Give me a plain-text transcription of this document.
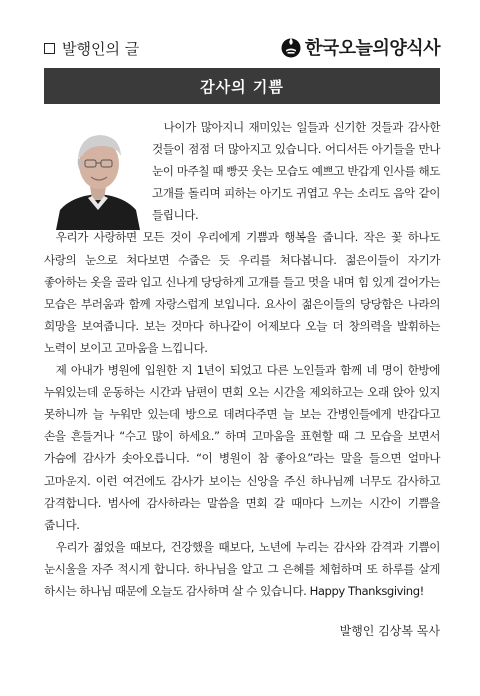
발행인의 글	한국오늘의양식사
감사의 기쁨

나이가 많아지니 재미있는 일들과 신기한 것들과 감사한 것들이 점점 더 많아지고 있습니다. 어디서든 아기들을 만나 눈이 마주칠 때 빵끗 웃는 모습도 예쁘고 반갑게 인사를 해도 고개를 돌리며 피하는 아기도 귀엽고 우는 소리도 음악 같이 들립니다.

우리가 사랑하면 모든 것이 우리에게 기쁨과 행복을 줍니다. 작은 꽃 하나도 사랑의 눈으로 쳐다보면 수줍은 듯 우리를 쳐다봅니다. 젊은이들이 자기가 좋아하는 옷을 골라 입고 신나게 당당하게 고개를 들고 멋을 내며 힘 있게 걸어가는 모습은 부러움과 함께 자랑스럽게 보입니다. 요사이 젊은이들의 당당함은 나라의 희망을 보여줍니다. 보는 것마다 하나같이 어제보다 오늘 더 창의력을 발휘하는 노력이 보이고 고마움을 느낍니다.

제 아내가 병원에 입원한 지 1년이 되었고 다른 노인들과 함께 네 명이 한방에 누워있는데 운동하는 시간과 남편이 면회 오는 시간을 제외하고는 오래 앉아 있지 못하니까 늘 누워만 있는데 방으로 데려다주면 늘 보는 간병인들에게 반갑다고 손을 흔들거나 “수고 많이 하세요.” 하며 고마움을 표현할 때 그 모습을 보면서 가슴에 감사가 솟아오릅니다. “이 병원이 참 좋아요”라는 말을 들으면 얼마나 고마운지. 이런 여건에도 감사가 보이는 신앙을 주신 하나님께 너무도 감사하고 감격합니다. 범사에 감사하라는 말씀을 면회 갈 때마다 느끼는 시간이 기쁨을 줍니다.

우리가 젊었을 때보다, 건강했을 때보다, 노년에 누리는 감사와 감격과 기쁨이 눈시울을 자주 적시게 합니다. 하나님을 알고 그 은혜를 체험하며 또 하루를 살게 하시는 하나님 때문에 오늘도 감사하며 살 수 있습니다. Happy Thanksgiving!

발행인 김상복 목사
